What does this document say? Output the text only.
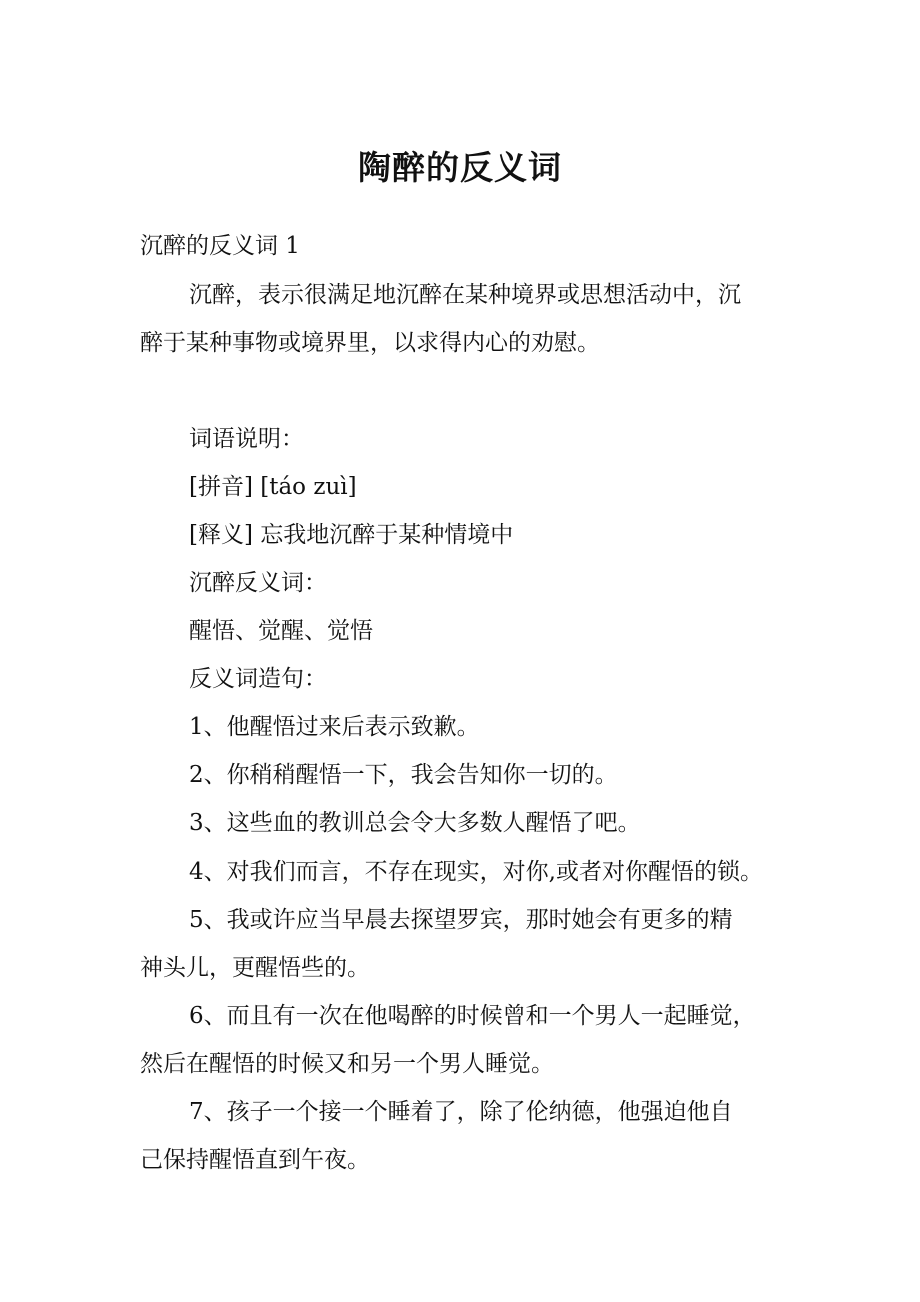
陶醉的反义词
沉醉的反义词 1
沉醉，表示很满足地沉醉在某种境界或思想活动中，沉
醉于某种事物或境界里，以求得内心的劝慰。
词语说明：
[拼音] [táo zuì]
[释义] 忘我地沉醉于某种情境中
沉醉反义词：
醒悟、觉醒、觉悟
反义词造句：
1、他醒悟过来后表示致歉。
2、你稍稍醒悟一下，我会告知你一切的。
3、这些血的教训总会令大多数人醒悟了吧。
4、对我们而言，不存在现实，对你,或者对你醒悟的锁。
5、我或许应当早晨去探望罗宾，那时她会有更多的精
神头儿，更醒悟些的。
6、而且有一次在他喝醉的时候曾和一个男人一起睡觉，
然后在醒悟的时候又和另一个男人睡觉。
7、孩子一个接一个睡着了，除了伦纳德，他强迫他自
己保持醒悟直到午夜。
